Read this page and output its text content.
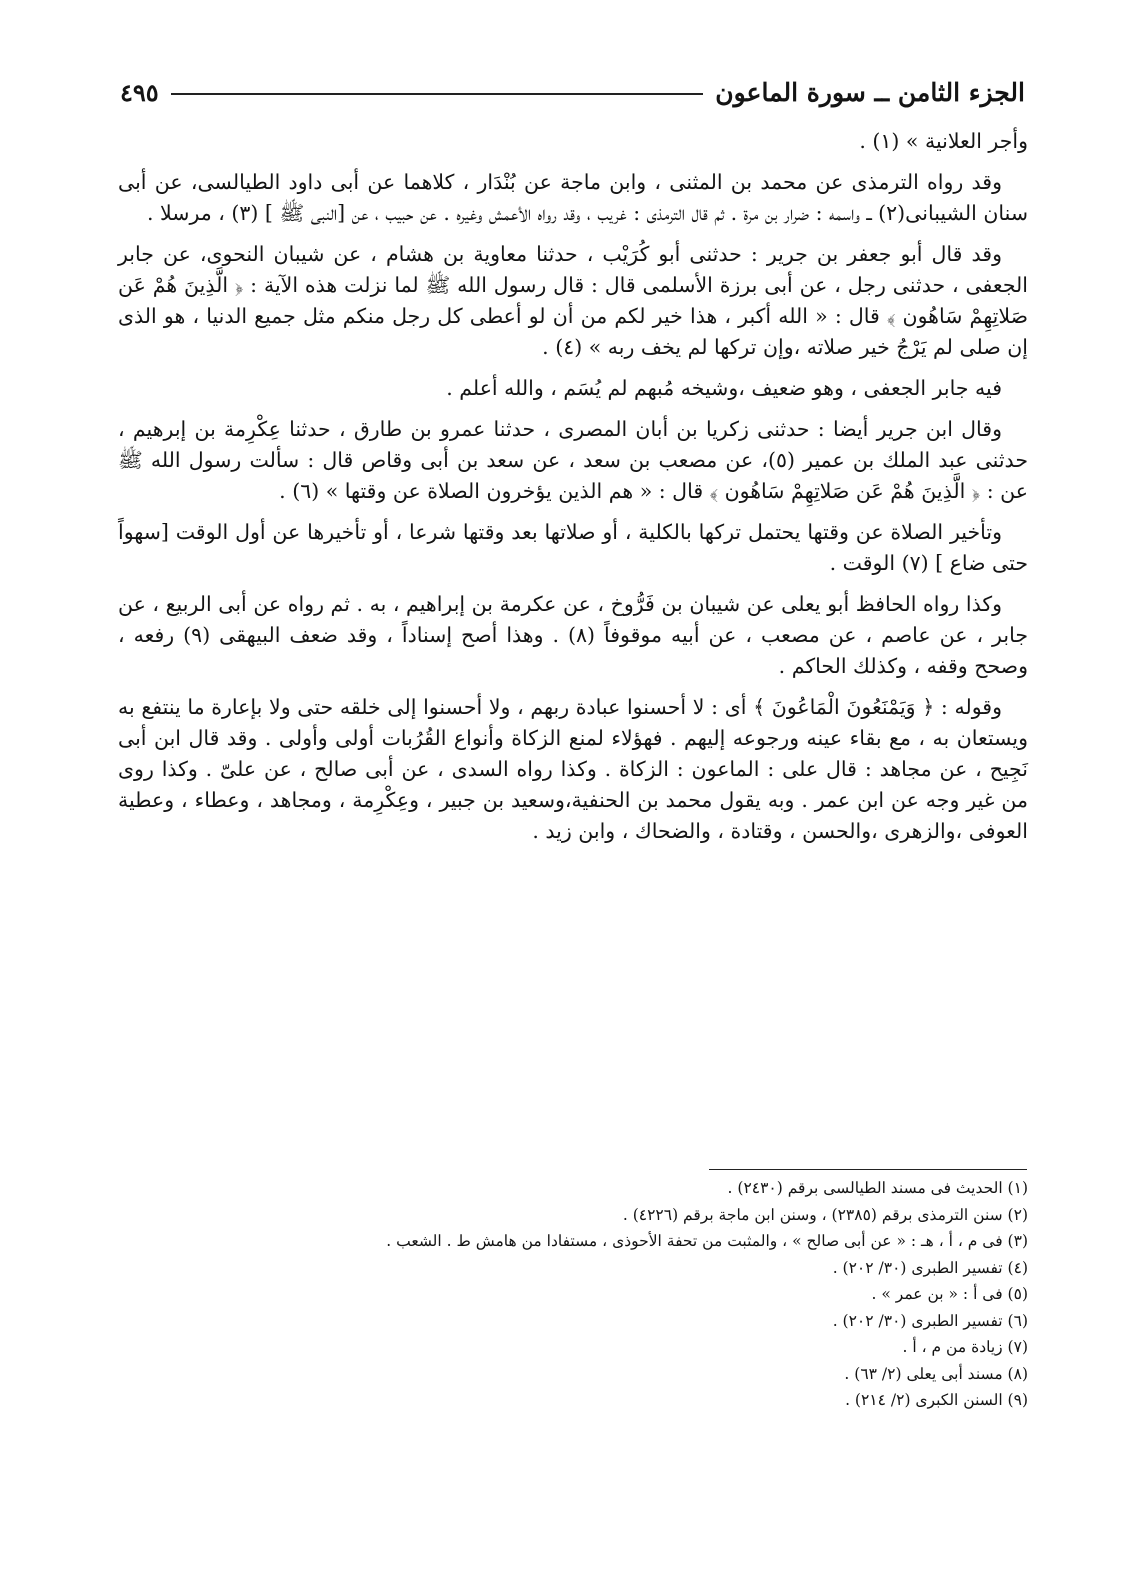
الجزء الثامن ــ سورة الماعون
٤٩٥

وأجر العلانية » (١) .

وقد رواه الترمذى عن محمد بن المثنى ، وابن ماجة عن بُنْدَار ، كلاهما عن أبى داود الطيالسى، عن أبى سنان الشيبانى(٢) ــ واسمه : ضرار بن مرة . ثم قال الترمذى : غريب ، وقد رواه الأعمش وغيره . عن حبيب ، عن [النبى ﷺ ] (٣) ، مرسلا .

وقد قال أبو جعفر بن جرير : حدثنى أبو كُرَيْب ، حدثنا معاوية بن هشام ، عن شيبان النحوى، عن جابر الجعفى ، حدثنى رجل ، عن أبى برزة الأسلمى قال : قال رسول الله ﷺ لما نزلت هذه الآية : ﴿ الَّذِينَ هُمْ عَن صَلاتِهِمْ سَاهُون ﴾ قال : « الله أكبر ، هذا خير لكم من أن لو أعطى كل رجل منكم مثل جميع الدنيا ، هو الذى إن صلى لم يَرْجُ خير صلاته ،وإن تركها لم يخف ربه » (٤) .

فيه جابر الجعفى ، وهو ضعيف ،وشيخه مُبهم لم يُسَم ، والله أعلم .

وقال ابن جرير أيضا : حدثنى زكريا بن أبان المصرى ، حدثنا عمرو بن طارق ، حدثنا عِكْرِمة بن إبرهيم ، حدثنى عبد الملك بن عمير (٥)، عن مصعب بن سعد ، عن سعد بن أبى وقاص قال : سألت رسول الله ﷺ عن : ﴿ الَّذِينَ هُمْ عَن صَلاتِهِمْ سَاهُون ﴾ قال : « هم الذين يؤخرون الصلاة عن وقتها » (٦) .

وتأخير الصلاة عن وقتها يحتمل تركها بالكلية ، أو صلاتها بعد وقتها شرعا ، أو تأخيرها عن أول الوقت [سهواً حتى ضاع ] (٧) الوقت .

وكذا رواه الحافظ أبو يعلى عن شيبان بن فَرُّوخ ، عن عكرمة بن إبراهيم ، به . ثم رواه عن أبى الربيع ، عن جابر ، عن عاصم ، عن مصعب ، عن أبيه موقوفاً (٨) . وهذا أصح إسناداً ، وقد ضعف البيهقى (٩) رفعه ، وصحح وقفه ، وكذلك الحاكم .

وقوله : ﴿ وَيَمْنَعُونَ الْمَاعُونَ ﴾ أى : لا أحسنوا عبادة ربهم ، ولا أحسنوا إلى خلقه حتى ولا بإعارة ما ينتفع به ويستعان به ، مع بقاء عينه ورجوعه إليهم . فهؤلاء لمنع الزكاة وأنواع القُرُبات أولى وأولى . وقد قال ابن أبى نَجِيح ، عن مجاهد : قال على : الماعون : الزكاة . وكذا رواه السدى ، عن أبى صالح ، عن علىّ . وكذا روى من غير وجه عن ابن عمر . وبه يقول محمد بن الحنفية،وسعيد بن جبير ، وعِكْرِمة ، ومجاهد ، وعطاء ، وعطية العوفى ،والزهرى ،والحسن ، وقتادة ، والضحاك ، وابن زيد .

(١) الحديث فى مسند الطيالسى برقم (٢٤٣٠) .
(٢) سنن الترمذى برقم (٢٣٨٥) ، وسنن ابن ماجة برقم (٤٢٢٦) .
(٣) فى م ، أ ، هـ : « عن أبى صالح » ، والمثبت من تحفة الأحوذى ، مستفادا من هامش ط . الشعب .
(٤) تفسير الطبرى (٣٠/ ٢٠٢) .
(٥) فى أ : « بن عمر » .
(٦) تفسير الطبرى (٣٠/ ٢٠٢) .
(٧) زيادة من م ، أ .
(٨) مسند أبى يعلى (٢/ ٦٣) .
(٩) السنن الكبرى (٢/ ٢١٤) .
